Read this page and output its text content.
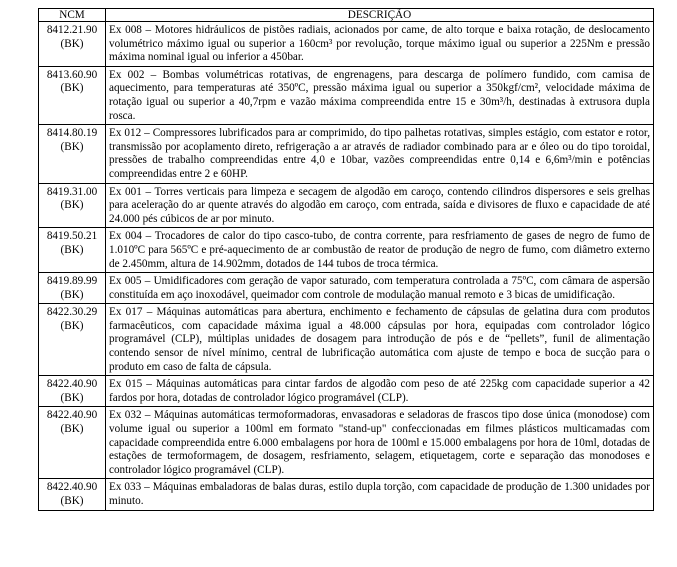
NCM	DESCRIÇÃO

8412.21.90
(BK)	Ex 008 – Motores hidráulicos de pistões radiais, acionados por came, de alto torque e baixa rotação, de deslocamento volumétrico máximo igual ou superior a 160cm³ por revolução, torque máximo igual ou superior a 225Nm e pressão máxima nominal igual ou inferior a 450bar.

8413.60.90
(BK)	Ex 002 – Bombas volumétricas rotativas, de engrenagens, para descarga de polímero fundido, com camisa de aquecimento, para temperaturas até 350ºC, pressão máxima igual ou superior a 350kgf/cm², velocidade máxima de rotação igual ou superior a 40,7rpm e vazão máxima compreendida entre 15 e 30m³/h, destinadas à extrusora dupla rosca.

8414.80.19
(BK)	Ex 012 – Compressores lubrificados para ar comprimido, do tipo palhetas rotativas, simples estágio, com estator e rotor, transmissão por acoplamento direto, refrigeração a ar através de radiador combinado para ar e óleo ou do tipo toroidal, pressões de trabalho compreendidas entre 4,0 e 10bar, vazões compreendidas entre 0,14 e 6,6m³/min e potências compreendidas entre 2 e 60HP.

8419.31.00
(BK)	Ex 001 – Torres verticais para limpeza e secagem de algodão em caroço, contendo cilindros dispersores e seis grelhas para aceleração do ar quente através do algodão em caroço, com entrada, saída e divisores de fluxo e capacidade de até 24.000 pés cúbicos de ar por minuto.

8419.50.21
(BK)	Ex 004 – Trocadores de calor do tipo casco-tubo, de contra corrente, para resfriamento de gases de negro de fumo de 1.010ºC para 565ºC e pré-aquecimento de ar combustão de reator de produção de negro de fumo, com diâmetro externo de 2.450mm, altura de 14.902mm, dotados de 144 tubos de troca térmica.

8419.89.99
(BK)	Ex 005 – Umidificadores com geração de vapor saturado, com temperatura controlada a 75ºC, com câmara de aspersão constituída em aço inoxodável, queimador com controle de modulação manual remoto e 3 bicas de umidificação.

8422.30.29
(BK)	Ex 017 – Máquinas automáticas para abertura, enchimento e fechamento de cápsulas de gelatina dura com produtos farmacêuticos, com capacidade máxima igual a 48.000 cápsulas por hora, equipadas com controlador lógico programável (CLP), múltiplas unidades de dosagem para introdução de pós e de “pellets”, funil de alimentação contendo sensor de nível mínimo, central de lubrificação automática com ajuste de tempo e boca de sucção para o produto em caso de falta de cápsula.

8422.40.90
(BK)	Ex 015 – Máquinas automáticas para cintar fardos de algodão com peso de até 225kg com capacidade superior a 42 fardos por hora, dotadas de controlador lógico programável (CLP).

8422.40.90
(BK)	Ex 032 – Máquinas automáticas termoformadoras, envasadoras e seladoras de frascos tipo dose única (monodose) com volume igual ou superior a 100ml em formato "stand-up" confeccionadas em filmes plásticos multicamadas com capacidade compreendida entre 6.000 embalagens por hora de 100ml e 15.000 embalagens por hora de 10ml, dotadas de estações de termoformagem, de dosagem, resfriamento, selagem, etiquetagem, corte e separação das monodoses e controlador lógico programável (CLP).

8422.40.90
(BK)	Ex 033 – Máquinas embaladoras de balas duras, estilo dupla torção, com capacidade de produção de 1.300 unidades por minuto.
